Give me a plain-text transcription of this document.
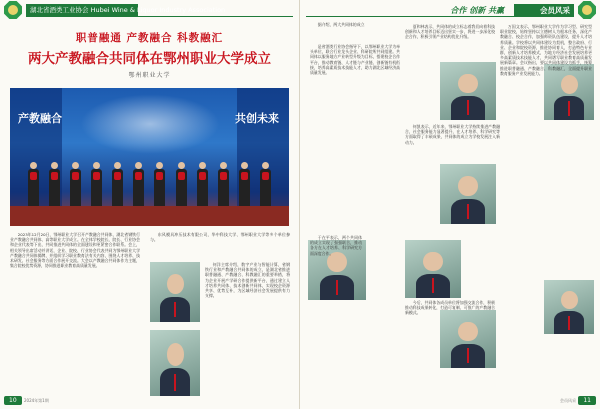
湖北省酒类工业协会 Hubei Wine & Liquor Industry Association
职普融通 产教融合 科教融汇
两大产教融合共同体在鄂州职业大学成立
鄂州职业大学
产教融合	共创未来

2023年12月20日，鄂州职业大学召开产教融合共同体，湖北省钢铁行业产教融合共同体、高等职业大学成立。在全体学校院长、院长、行业协会和企业代表等下出，共同推进共同体的全面建设和更紧密合作联系。会上，相关领导出席活动并讲话，企业、院校、行业协会代表共同为鄂州职业大学产教融合共同体揭牌，并组织学习职业教育法有关内容，围绕人才培养、技术研发、社会服务等方面合作展开交流。大会以产教融合共同体作为主题，集合院校优势资源，协同推进职业教育高质量发展。

东风模具冲压技术有限公司，华中科技大学、鄂州职业大学等多个单位参与。

何洋主席介绍，数字产业与智能计算，省钢铁行业和产教融合共同体的成立，是湖北省推进职普融通、产教融合、科教融汇的重要举措，将为企业开展产学研合作提供新平台，通过建立人才培养共同体、技术创新共同体，实现校企资源共享、优势互补，为区域经济社会发展提供有力支撑。

10	2024年第1期
合作 创新 共赢	会员风采

据介绍，两大共同体的成立

是省酒类行业协会指导下，以鄂州职业大学为牵头单位，联合行业龙头企业、科研院所共同组建。共同体以服务地方产业转型升级为目标，搭建校企合作平台，推动教育链、人才链与产业链、创新链有机衔接，培养高素质技术技能人才，助力湖北区域经济高质量发展。

夏和林表示，共同体的成立标志着我们向着科技创新和人才培养目标迈出坚实一步，将进一步深化校企合作，积极引领产业结构优化升级。

何凯表示，近年来，鄂州职业大学持续推进产教融合，社会服务能力显著提升，在人才培养、科学研究等方面取得了丰硕成果，共同体的成立为学校发展注入新动力。

万国文表示，鄂州职业大学作为学习型、研究型职业院校，始终坚持以立德树人为根本任务，深化产教融合、校企合作，加强师资队伍建设，提升人才培养质量。学校将以共同体建设为契机，整合政府、行业、企业和院校资源，推进协同育人，打造特色专业群，创新人才培养模式，为地方经济社会发展培养更多高素质技术技能人才，共同谱写职业教育高质量发展新篇章。会议指出，要以共同体建设为抓手，统筹推进职普融通、产教融合、科教融汇，全面提升职业教育服务产业发展能力。

于在平表示，两个共同体的成立实现了强强联合，推动各方在人才培养、科学研究方面深度合作。

今后，共同体各成员单位将加强交流合作，积极推动科技成果转化，打造可复制、可推广的产教融合新模式。

11
会员风采
